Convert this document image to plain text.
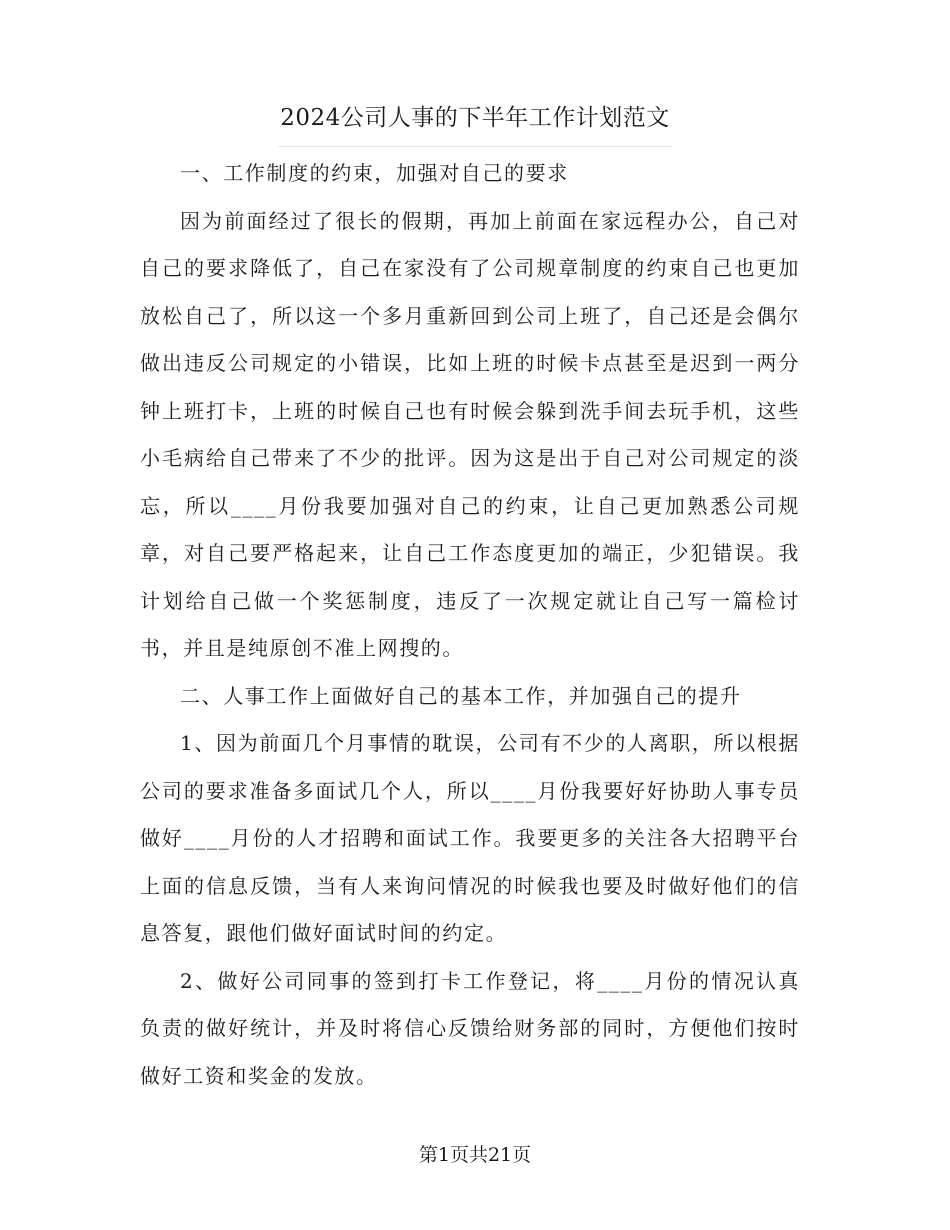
2024公司人事的下半年工作计划范文

一、工作制度的约束，加强对自己的要求

因为前面经过了很长的假期，再加上前面在家远程办公，自己对自己的要求降低了，自己在家没有了公司规章制度的约束自己也更加放松自己了，所以这一个多月重新回到公司上班了，自己还是会偶尔做出违反公司规定的小错误，比如上班的时候卡点甚至是迟到一两分钟上班打卡，上班的时候自己也有时候会躲到洗手间去玩手机，这些小毛病给自己带来了不少的批评。因为这是出于自己对公司规定的淡忘，所以____月份我要加强对自己的约束，让自己更加熟悉公司规章，对自己要严格起来，让自己工作态度更加的端正，少犯错误。我计划给自己做一个奖惩制度，违反了一次规定就让自己写一篇检讨书，并且是纯原创不准上网搜的。

二、人事工作上面做好自己的基本工作，并加强自己的提升

1、因为前面几个月事情的耽误，公司有不少的人离职，所以根据公司的要求准备多面试几个人，所以____月份我要好好协助人事专员做好____月份的人才招聘和面试工作。我要更多的关注各大招聘平台上面的信息反馈，当有人来询问情况的时候我也要及时做好他们的信息答复，跟他们做好面试时间的约定。

2、做好公司同事的签到打卡工作登记，将____月份的情况认真负责的做好统计，并及时将信心反馈给财务部的同时，方便他们按时做好工资和奖金的发放。

第1页共21页
